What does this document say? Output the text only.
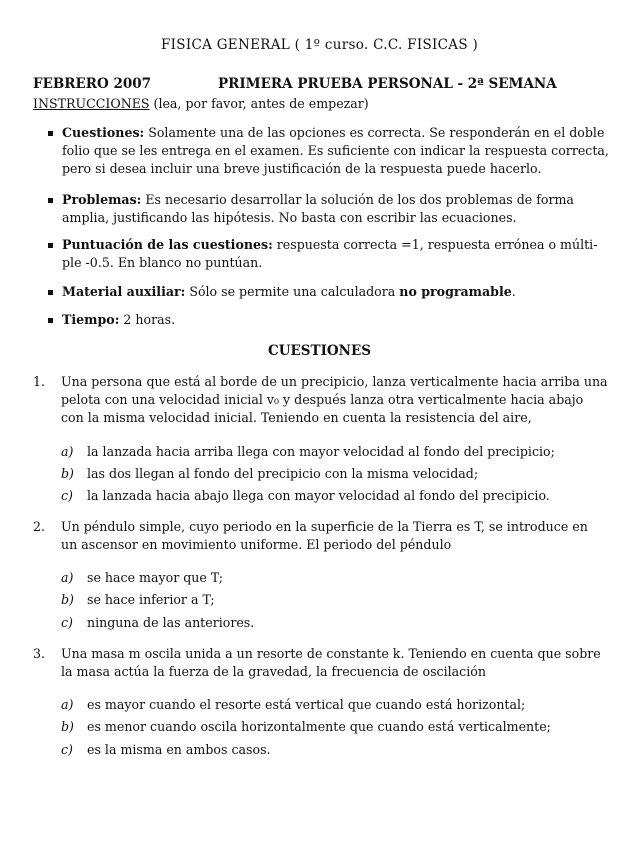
FISICA GENERAL ( 1º curso. C.C. FISICAS )
FEBRERO 2007	PRIMERA PRUEBA PERSONAL - 2ª SEMANA
INSTRUCCIONES (lea, por favor, antes de empezar)
Cuestiones: Solamente una de las opciones es correcta. Se responderán en el doble
folio que se les entrega en el examen. Es suficiente con indicar la respuesta correcta,
pero si desea incluir una breve justificación de la respuesta puede hacerlo.
Problemas: Es necesario desarrollar la solución de los dos problemas de forma
amplia, justificando las hipótesis. No basta con escribir las ecuaciones.
Puntuación de las cuestiones: respuesta correcta =1, respuesta errónea o múlti-
ple -0.5. En blanco no puntúan.
Material auxiliar: Sólo se permite una calculadora no programable.
Tiempo: 2 horas.
CUESTIONES
1. Una persona que está al borde de un precipicio, lanza verticalmente hacia arriba una
pelota con una velocidad inicial v₀ y después lanza otra verticalmente hacia abajo
con la misma velocidad inicial. Teniendo en cuenta la resistencia del aire,
a) la lanzada hacia arriba llega con mayor velocidad al fondo del precipicio;
b) las dos llegan al fondo del precipicio con la misma velocidad;
c) la lanzada hacia abajo llega con mayor velocidad al fondo del precipicio.
2. Un péndulo simple, cuyo periodo en la superficie de la Tierra es T, se introduce en
un ascensor en movimiento uniforme. El periodo del péndulo
a) se hace mayor que T;
b) se hace inferior a T;
c) ninguna de las anteriores.
3. Una masa m oscila unida a un resorte de constante k. Teniendo en cuenta que sobre
la masa actúa la fuerza de la gravedad, la frecuencia de oscilación
a) es mayor cuando el resorte está vertical que cuando está horizontal;
b) es menor cuando oscila horizontalmente que cuando está verticalmente;
c) es la misma en ambos casos.
